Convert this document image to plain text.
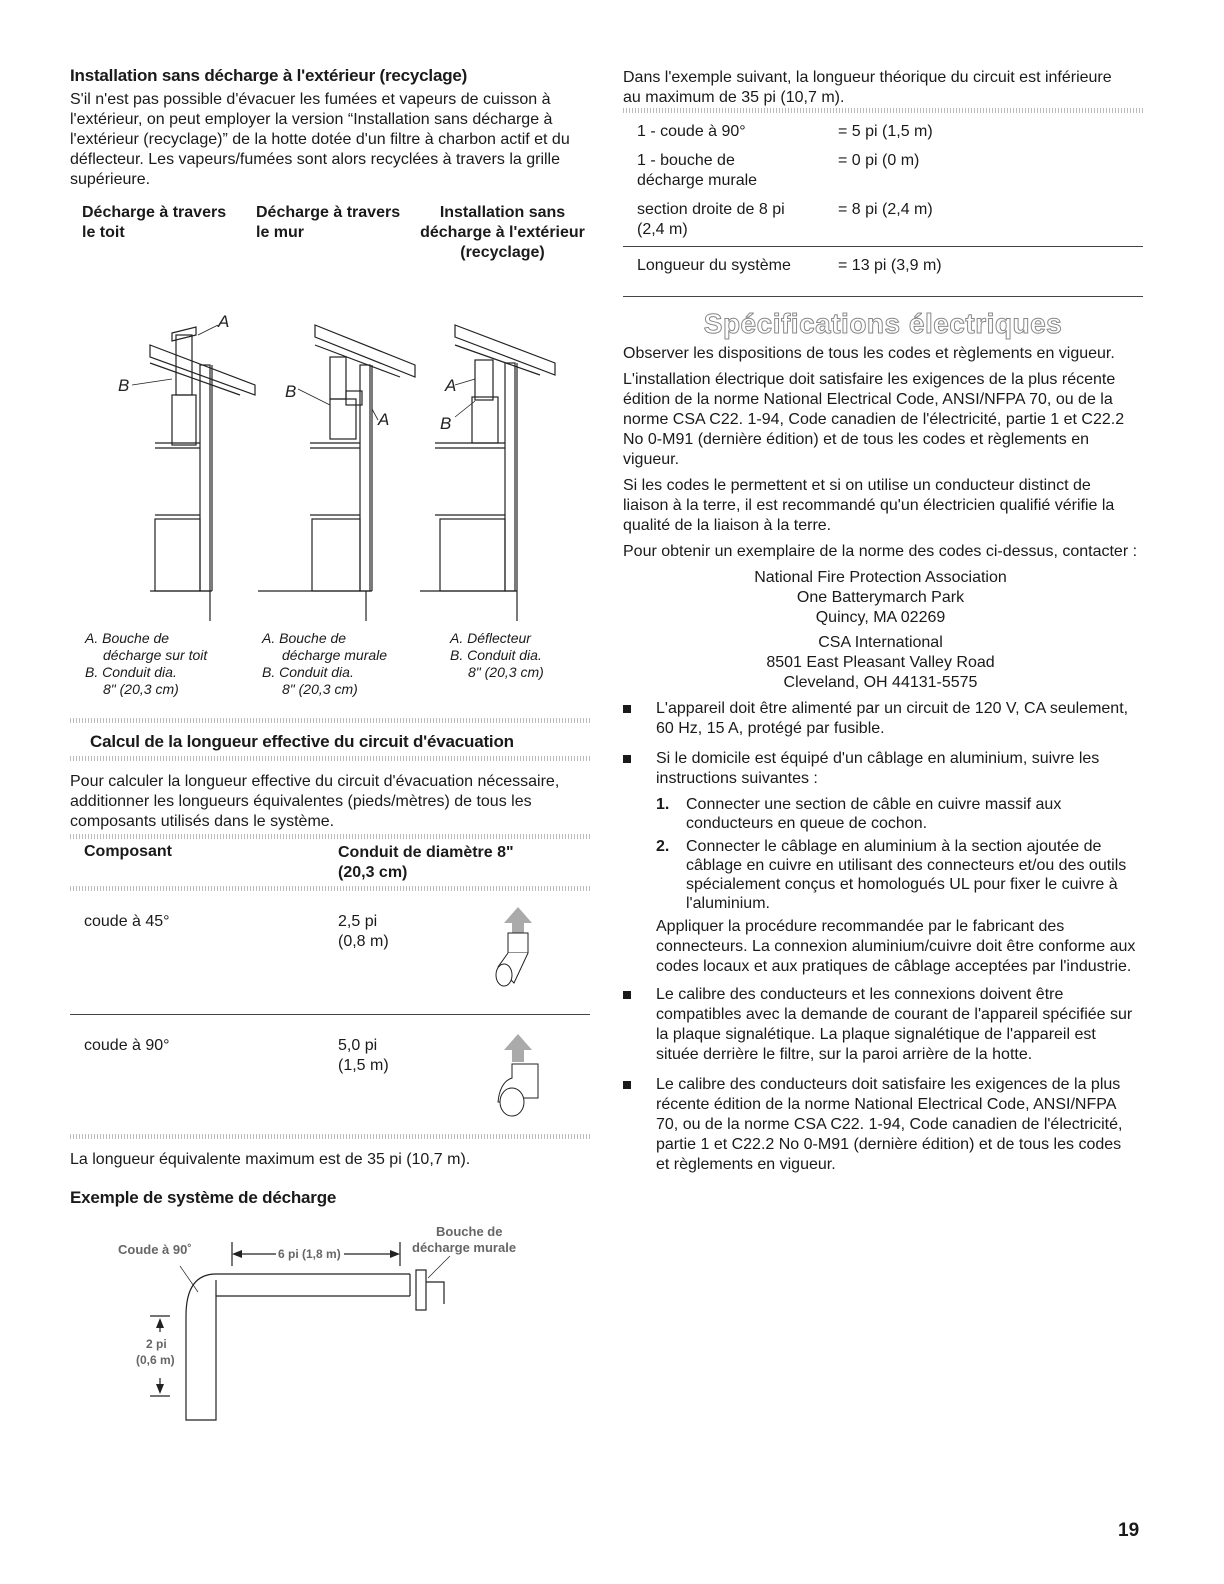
Installation sans décharge à l'extérieur (recyclage)

S'il n'est pas possible d'évacuer les fumées et vapeurs de cuisson à l'extérieur, on peut employer la version “Installation sans décharge à l'extérieur (recyclage)” de la hotte dotée d'un filtre à charbon actif et du déflecteur. Les vapeurs/fumées sont alors recyclées à travers la grille supérieure.

Décharge à travers le toit
Décharge à travers le mur
Installation sans décharge à l'extérieur (recyclage)
A
B	B
A
A
B
A. Bouche de
décharge sur toit
B. Conduit dia.
8" (20,3 cm)
A. Bouche de
décharge murale
B. Conduit dia.
8" (20,3 cm)
A. Déflecteur
B. Conduit dia.
8" (20,3 cm)
Calcul de la longueur effective du circuit d'évacuation

Pour calculer la longueur effective du circuit d'évacuation nécessaire, additionner les longueurs équivalentes (pieds/mètres) de tous les composants utilisés dans le système.

Composant	Conduit de diamètre 8" (20,3 cm)
coude à 45°	2,5 pi
(0,8 m)
coude à 90°	5,0 pi
(1,5 m)

La longueur équivalente maximum est de 35 pi (10,7 m).

Exemple de système de décharge
Coude à 90˚	6 pi (1,8 m)
Bouche de
décharge murale
2 pi
(0,6 m)

Dans l'exemple suivant, la longueur théorique du circuit est inférieure au maximum de 35 pi (10,7 m).

1 - coude à 90°	= 5 pi (1,5 m)
1 - bouche de décharge murale
= 0 pi (0 m)
section droite de 8 pi (2,4 m)
= 8 pi (2,4 m)
Longueur du système	= 13 pi (3,9 m)
Spécifications électriques

Observer les dispositions de tous les codes et règlements en vigueur.

L'installation électrique doit satisfaire les exigences de la plus récente édition de la norme National Electrical Code, ANSI/NFPA 70, ou de la norme CSA C22. 1-94, Code canadien de l'électricité, partie 1 et C22.2 No 0-M91 (dernière édition) et de tous les codes et règlements en vigueur.

Si les codes le permettent et si on utilise un conducteur distinct de liaison à la terre, il est recommandé qu'un électricien qualifié vérifie la qualité de la liaison à la terre.

Pour obtenir un exemplaire de la norme des codes ci-dessus, contacter :

National Fire Protection Association
One Batterymarch Park
Quincy, MA 02269
CSA International
8501 East Pleasant Valley Road
Cleveland, OH 44131-5575
L'appareil doit être alimenté par un circuit de 120 V, CA seulement, 60 Hz, 15 A, protégé par fusible.
Si le domicile est équipé d'un câblage en aluminium, suivre les instructions suivantes :
1. Connecter une section de câble en cuivre massif aux conducteurs en queue de cochon.
2. Connecter le câblage en aluminium à la section ajoutée de câblage en cuivre en utilisant des connecteurs et/ou des outils spécialement conçus et homologués UL pour fixer le cuivre à l'aluminium.

Appliquer la procédure recommandée par le fabricant des connecteurs. La connexion aluminium/cuivre doit être conforme aux codes locaux et aux pratiques de câblage acceptées par l'industrie.

Le calibre des conducteurs et les connexions doivent être compatibles avec la demande de courant de l'appareil spécifiée sur la plaque signalétique. La plaque signalétique de l'appareil est située derrière le filtre, sur la paroi arrière de la hotte.
Le calibre des conducteurs doit satisfaire les exigences de la plus récente édition de la norme National Electrical Code, ANSI/NFPA 70, ou de la norme CSA C22. 1-94, Code canadien de l'électricité, partie 1 et C22.2 No 0-M91 (dernière édition) et de tous les codes et règlements en vigueur.
19
